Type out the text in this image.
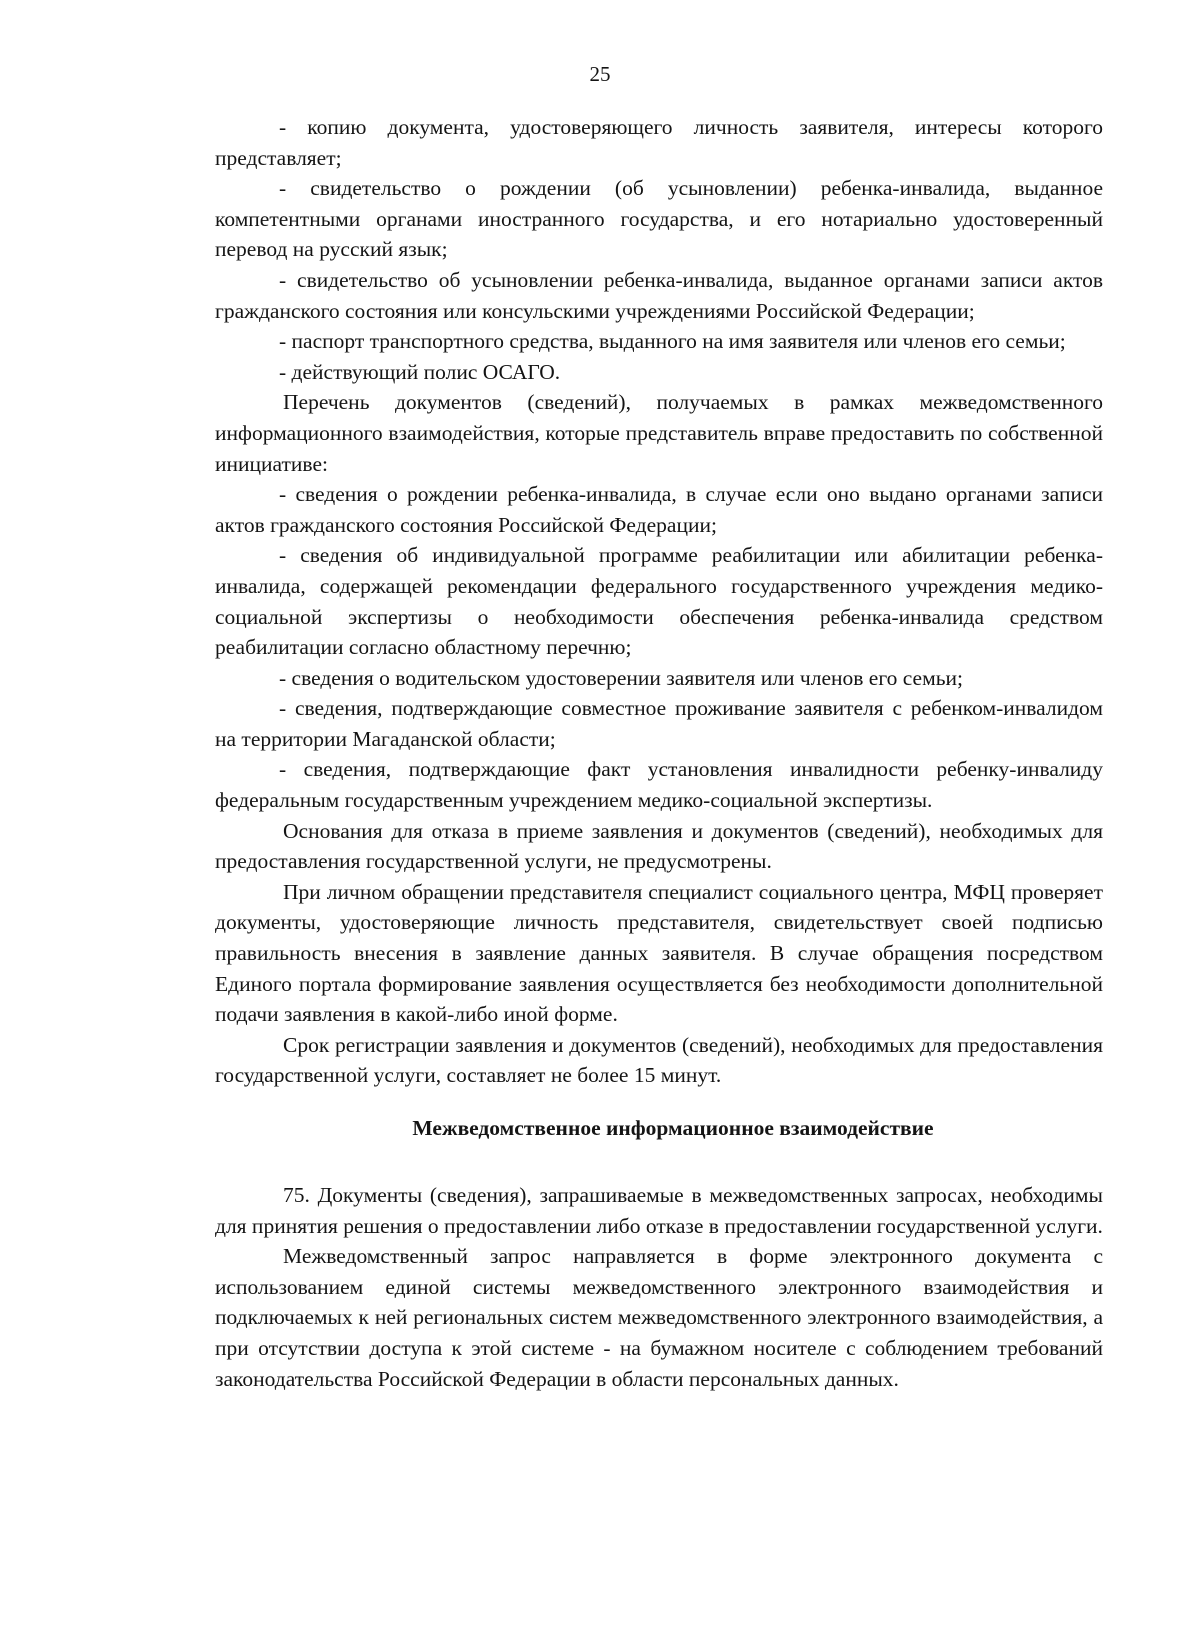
25

- копию документа, удостоверяющего личность заявителя, интересы которого представляет;

- свидетельство о рождении (об усыновлении) ребенка-инвалида, выданное компетентными органами иностранного государства, и его нотариально удостоверенный перевод на русский язык;

- свидетельство об усыновлении ребенка-инвалида, выданное органами записи актов гражданского состояния или консульскими учреждениями Российской Федерации;

- паспорт транспортного средства, выданного на имя заявителя или членов его семьи;

- действующий полис ОСАГО.

Перечень документов (сведений), получаемых в рамках межведомственного информационного взаимодействия, которые представитель вправе предоставить по собственной инициативе:

- сведения о рождении ребенка-инвалида, в случае если оно выдано органами записи актов гражданского состояния Российской Федерации;

- сведения об индивидуальной программе реабилитации или абилитации ребенка-инвалида, содержащей рекомендации федерального государственного учреждения медико-социальной экспертизы о необходимости обеспечения ребенка-инвалида средством реабилитации согласно областному перечню;

- сведения о водительском удостоверении заявителя или членов его семьи;

- сведения, подтверждающие совместное проживание заявителя с ребенком-инвалидом на территории Магаданской области;

- сведения, подтверждающие факт установления инвалидности ребенку-инвалиду федеральным государственным учреждением медико-социальной экспертизы.

Основания для отказа в приеме заявления и документов (сведений), необходимых для предоставления государственной услуги, не предусмотрены.

При личном обращении представителя специалист социального центра, МФЦ проверяет документы, удостоверяющие личность представителя, свидетельствует своей подписью правильность внесения в заявление данных заявителя. В случае обращения посредством Единого портала формирование заявления осуществляется без необходимости дополнительной подачи заявления в какой-либо иной форме.

Срок регистрации заявления и документов (сведений), необходимых для предоставления государственной услуги, составляет не более 15 минут.

Межведомственное информационное взаимодействие

75. Документы (сведения), запрашиваемые в межведомственных запросах, необходимы для принятия решения о предоставлении либо отказе в предоставлении государственной услуги.

Межведомственный запрос направляется в форме электронного документа с использованием единой системы межведомственного электронного взаимодействия и подключаемых к ней региональных систем межведомственного электронного взаимодействия, а при отсутствии доступа к этой системе - на бумажном носителе с соблюдением требований законодательства Российской Федерации в области персональных данных.
